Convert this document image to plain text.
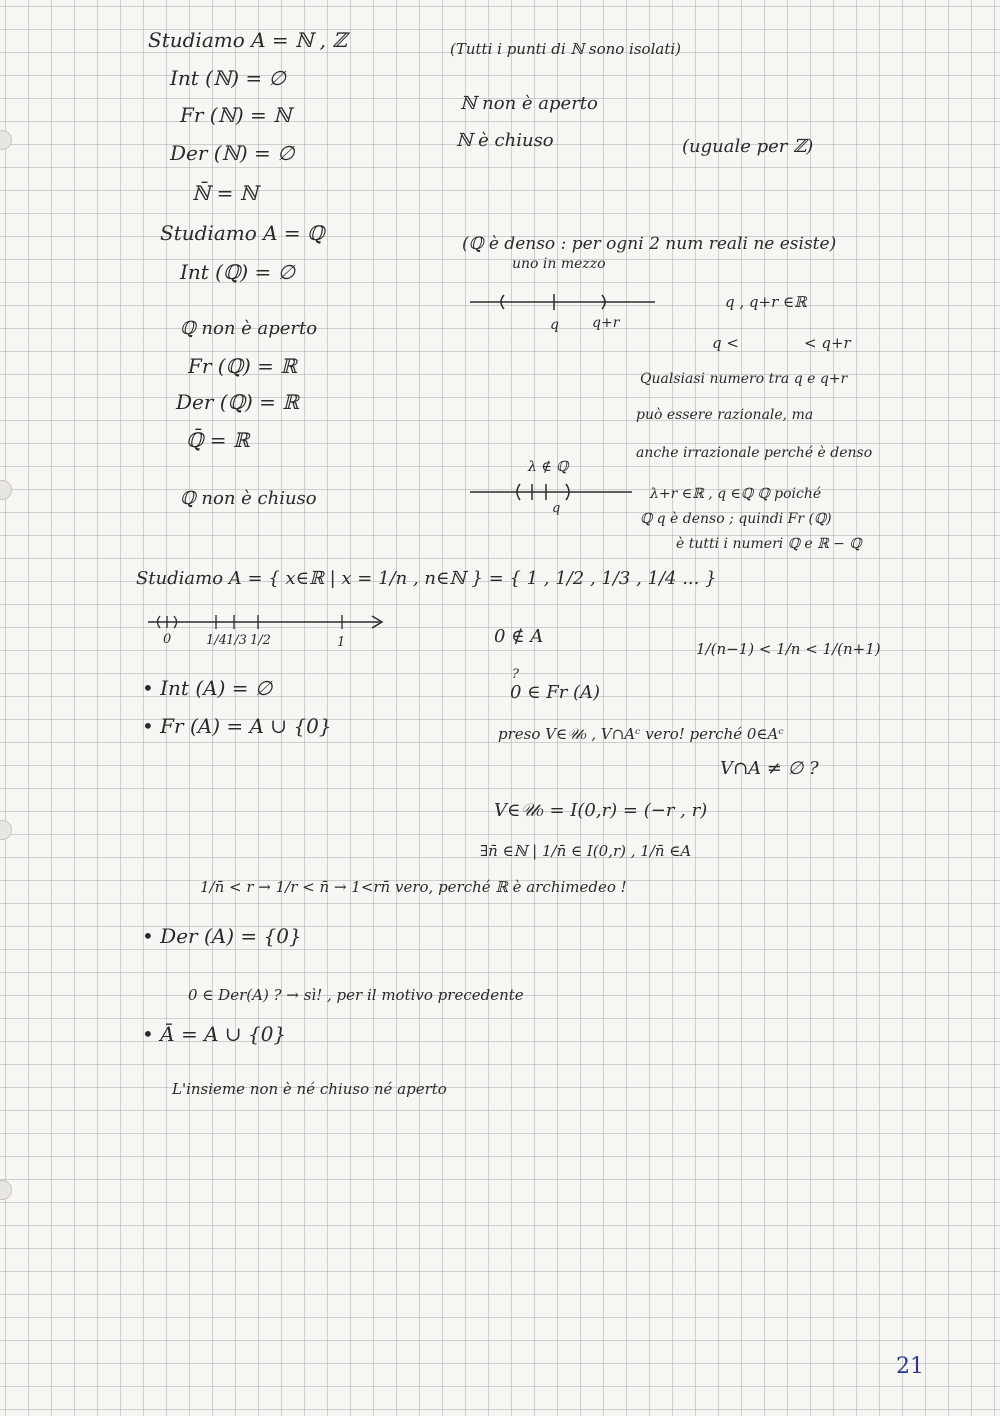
Studiamo A = ℕ , ℤ
Int (ℕ) = ∅
Fr (ℕ) = ℕ
Der (ℕ) = ∅
ℕ̄ = ℕ
(Tutti i punti di ℕ sono isolati)
ℕ non è aperto
ℕ è chiuso	(uguale per ℤ)
Studiamo A = ℚ
Int (ℚ) = ∅
ℚ non è aperto
Fr (ℚ) = ℝ
Der (ℚ) = ℝ
ℚ̄ = ℝ
ℚ non è chiuso
(ℚ è denso : per ogni 2 num reali ne esiste)
uno in mezzo
q q+r
q , q+r ∈ℝ
q <	< q+r
Qualsiasi numero tra q e q+r
può essere razionale, ma
anche irrazionale perché è denso
λ ∉ ℚ
q
λ+r ∈ℝ , q ∈ℚ ℚ poiché
ℚ q è denso ; quindi Fr (ℚ)
è tutti i numeri ℚ e ℝ − ℚ
Studiamo A = { x∈ℝ | x = 1/n , n∈ℕ } = { 1 , 1/2 , 1/3 , 1/4 ... }
0	1/4 1/3 1/2	1
• Int (A) = ∅
• Fr (A) = A ∪ {0}
0 ∉ A
1/(n−1) < 1/n < 1/(n+1)
?
0 ∈ Fr (A)
preso V∈𝒰₀ , V∩Aᶜ vero! perché 0∈Aᶜ
V∩A ≠ ∅ ?
V∈𝒰₀ = I(0,r) = (−r , r)
∃n̄ ∈ℕ | 1/n̄ ∈ I(0,r) , 1/n̄ ∈A
1/n̄ < r → 1/r < n̄ → 1<rn̄ vero, perché ℝ è archimedeo !
• Der (A) = {0}
0 ∈ Der(A) ? → sì! , per il motivo precedente
• Ā = A ∪ {0}
L'insieme non è né chiuso né aperto
21
